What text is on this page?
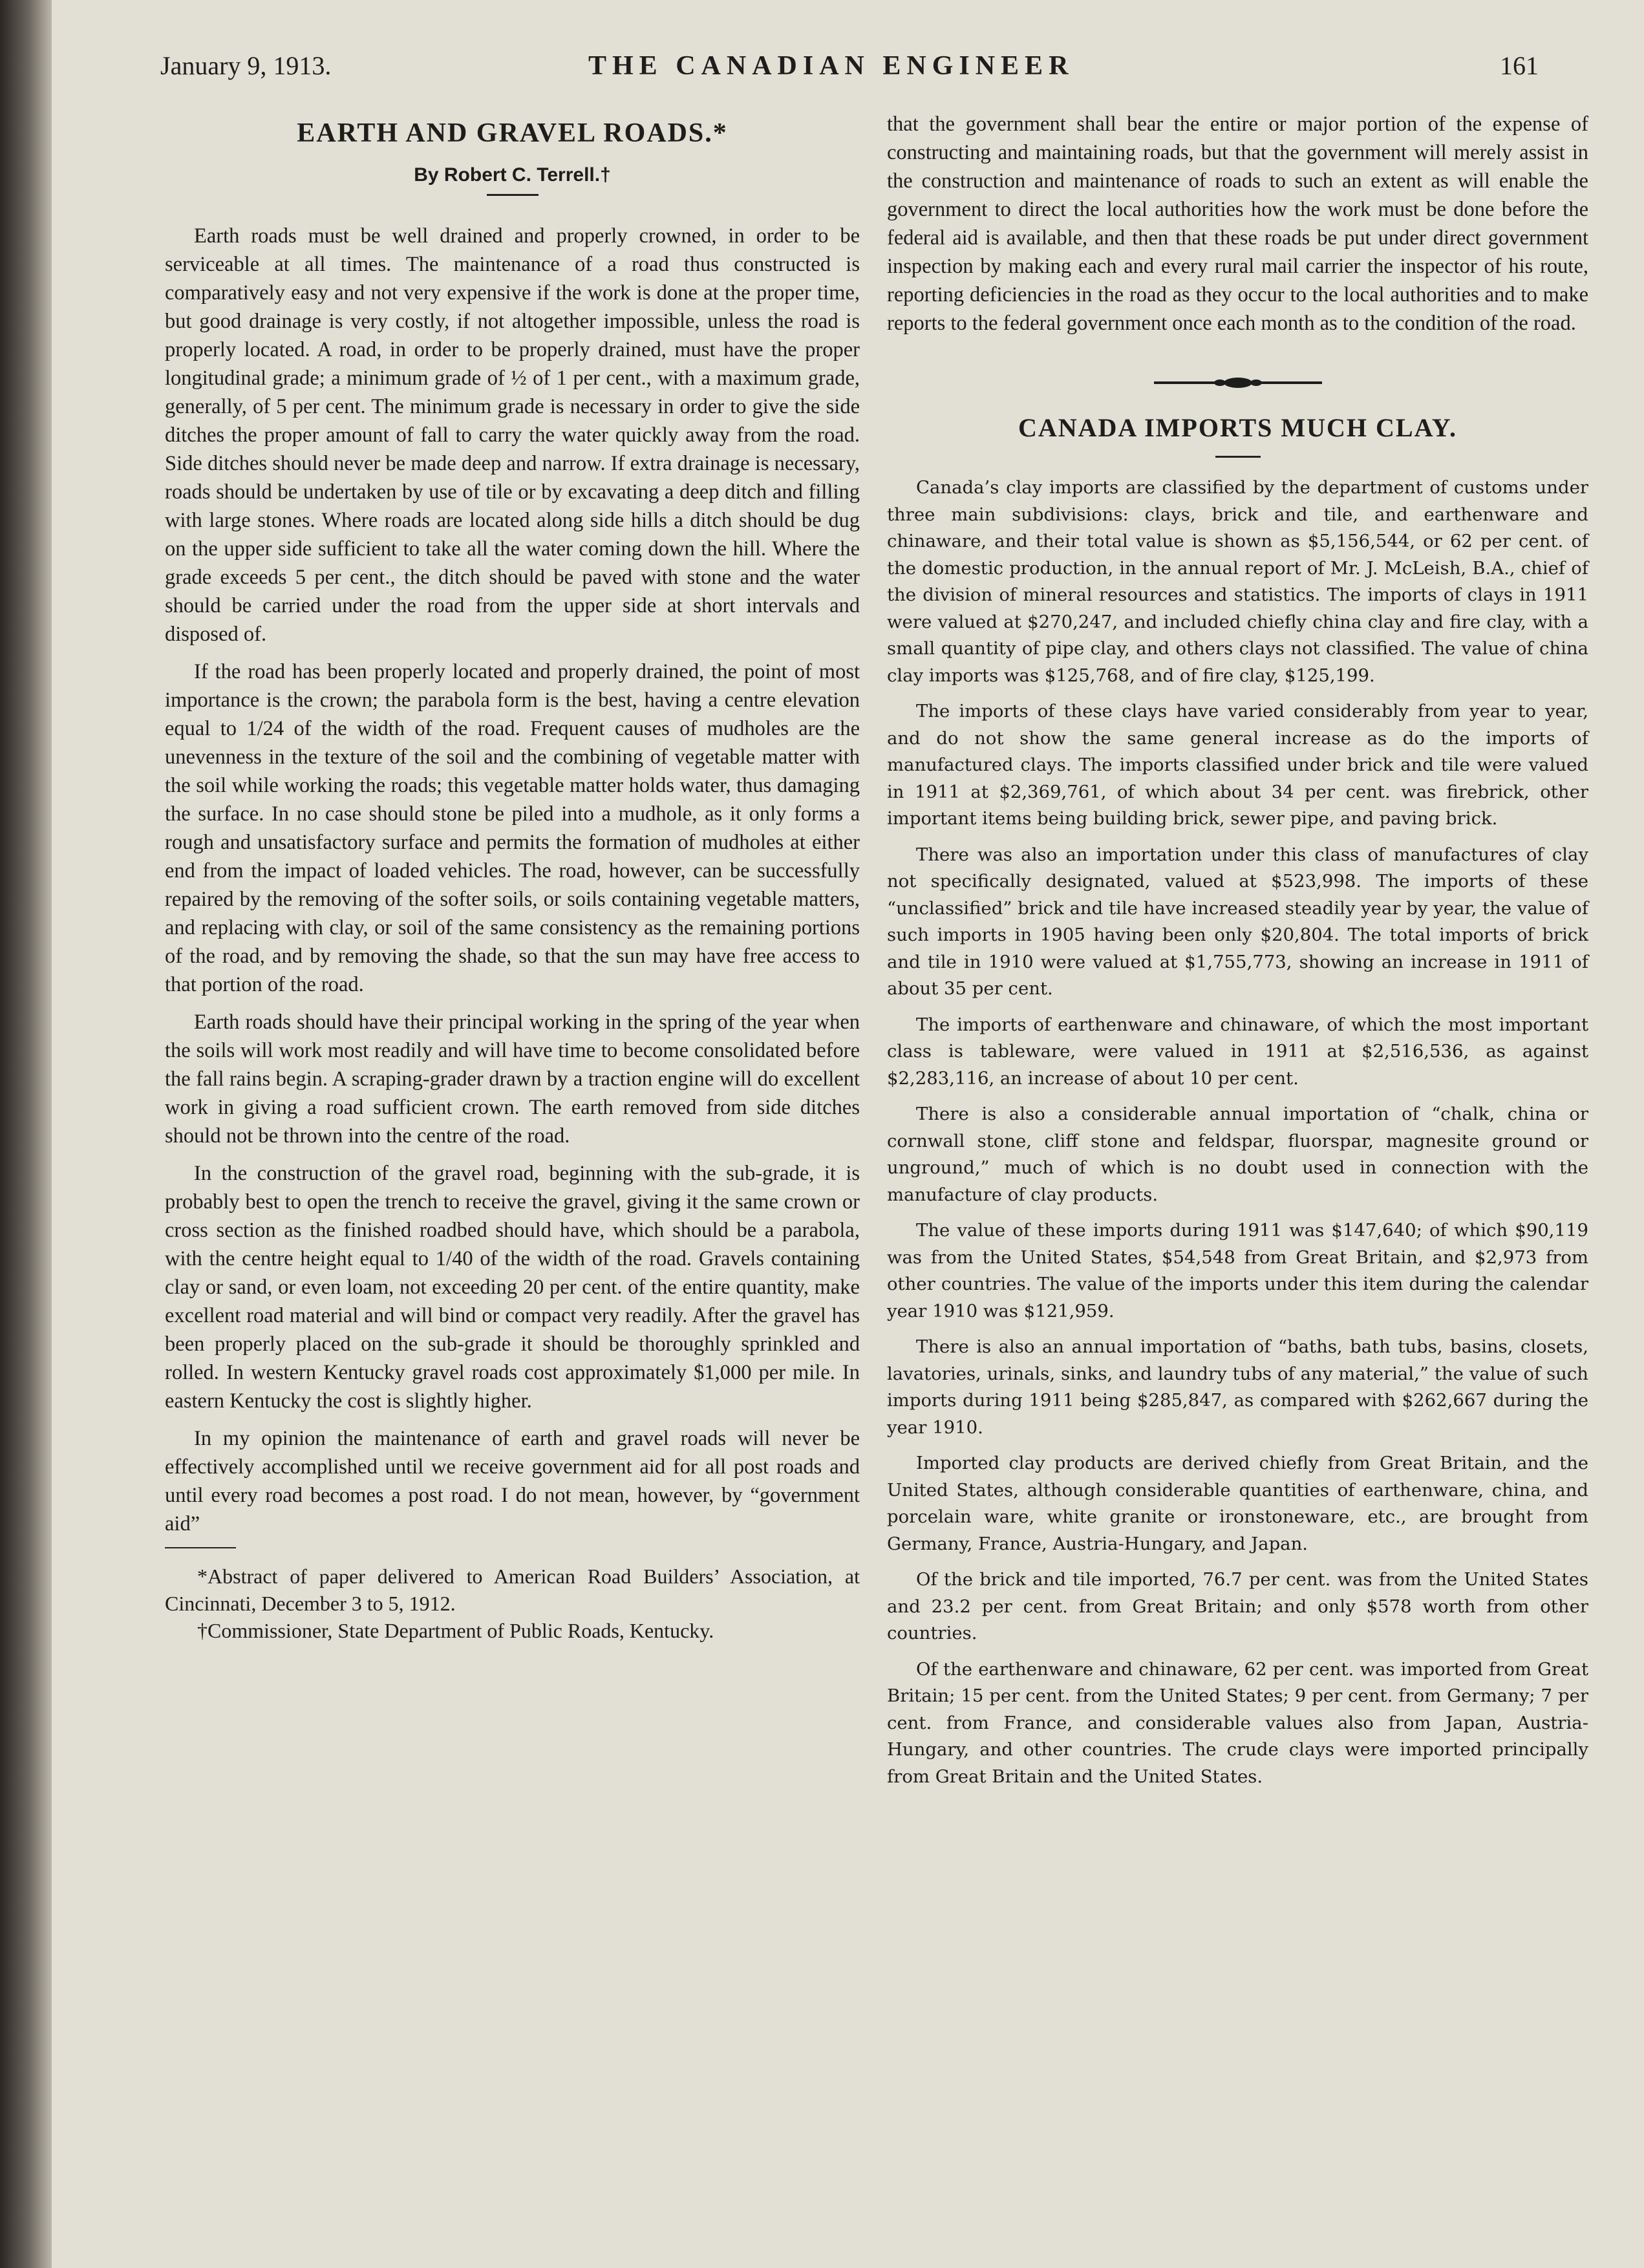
January 9, 1913.	THE CANADIAN ENGINEER	161
EARTH AND GRAVEL ROADS.*
By Robert C. Terrell.†

Earth roads must be well drained and properly crowned, in order to be serviceable at all times. The maintenance of a road thus constructed is comparatively easy and not very expensive if the work is done at the proper time, but good drainage is very costly, if not altogether impossible, unless the road is properly located. A road, in order to be properly drained, must have the proper longitudinal grade; a minimum grade of ½ of 1 per cent., with a maximum grade, generally, of 5 per cent. The minimum grade is necessary in order to give the side ditches the proper amount of fall to carry the water quickly away from the road. Side ditches should never be made deep and narrow. If extra drainage is necessary, roads should be undertaken by use of tile or by excavating a deep ditch and filling with large stones. Where roads are located along side hills a ditch should be dug on the upper side sufficient to take all the water coming down the hill. Where the grade exceeds 5 per cent., the ditch should be paved with stone and the water should be carried under the road from the upper side at short intervals and disposed of.

If the road has been properly located and properly drained, the point of most importance is the crown; the parabola form is the best, having a centre elevation equal to 1/24 of the width of the road. Frequent causes of mudholes are the unevenness in the texture of the soil and the combining of vegetable matter with the soil while working the roads; this vegetable matter holds water, thus damaging the surface. In no case should stone be piled into a mudhole, as it only forms a rough and unsatisfactory surface and permits the formation of mudholes at either end from the impact of loaded vehicles. The road, however, can be successfully repaired by the removing of the softer soils, or soils containing vegetable matters, and replacing with clay, or soil of the same consistency as the remaining portions of the road, and by removing the shade, so that the sun may have free access to that portion of the road.

Earth roads should have their principal working in the spring of the year when the soils will work most readily and will have time to become consolidated before the fall rains begin. A scraping-grader drawn by a traction engine will do excellent work in giving a road sufficient crown. The earth removed from side ditches should not be thrown into the centre of the road.

In the construction of the gravel road, beginning with the sub-grade, it is probably best to open the trench to receive the gravel, giving it the same crown or cross section as the finished roadbed should have, which should be a parabola, with the centre height equal to 1/40 of the width of the road. Gravels containing clay or sand, or even loam, not exceeding 20 per cent. of the entire quantity, make excellent road material and will bind or compact very readily. After the gravel has been properly placed on the sub-grade it should be thoroughly sprinkled and rolled. In western Kentucky gravel roads cost approximately $1,000 per mile. In eastern Kentucky the cost is slightly higher.

In my opinion the maintenance of earth and gravel roads will never be effectively accomplished until we receive government aid for all post roads and until every road becomes a post road. I do not mean, however, by “government aid”

*Abstract of paper delivered to American Road Builders’ Association, at Cincinnati, December 3 to 5, 1912.

†Commissioner, State Department of Public Roads, Kentucky.

that the government shall bear the entire or major portion of the expense of constructing and maintaining roads, but that the government will merely assist in the construction and maintenance of roads to such an extent as will enable the government to direct the local authorities how the work must be done before the federal aid is available, and then that these roads be put under direct government inspection by making each and every rural mail carrier the inspector of his route, reporting deficiencies in the road as they occur to the local authorities and to make reports to the federal government once each month as to the condition of the road.

CANADA IMPORTS MUCH CLAY.

Canada’s clay imports are classified by the department of customs under three main subdivisions: clays, brick and tile, and earthenware and chinaware, and their total value is shown as $5,156,544, or 62 per cent. of the domestic production, in the annual report of Mr. J. McLeish, B.A., chief of the division of mineral resources and statistics. The imports of clays in 1911 were valued at $270,247, and included chiefly china clay and fire clay, with a small quantity of pipe clay, and others clays not classified. The value of china clay imports was $125,768, and of fire clay, $125,199.

The imports of these clays have varied considerably from year to year, and do not show the same general increase as do the imports of manufactured clays. The imports classified under brick and tile were valued in 1911 at $2,369,761, of which about 34 per cent. was firebrick, other important items being building brick, sewer pipe, and paving brick.

There was also an importation under this class of manufactures of clay not specifically designated, valued at $523,998. The imports of these “unclassified” brick and tile have increased steadily year by year, the value of such imports in 1905 having been only $20,804. The total imports of brick and tile in 1910 were valued at $1,755,773, showing an increase in 1911 of about 35 per cent.

The imports of earthenware and chinaware, of which the most important class is tableware, were valued in 1911 at $2,516,536, as against $2,283,116, an increase of about 10 per cent.

There is also a considerable annual importation of “chalk, china or cornwall stone, cliff stone and feldspar, fluorspar, magnesite ground or unground,” much of which is no doubt used in connection with the manufacture of clay products.

The value of these imports during 1911 was $147,640; of which $90,119 was from the United States, $54,548 from Great Britain, and $2,973 from other countries. The value of the imports under this item during the calendar year 1910 was $121,959.

There is also an annual importation of “baths, bath tubs, basins, closets, lavatories, urinals, sinks, and laundry tubs of any material,” the value of such imports during 1911 being $285,847, as compared with $262,667 during the year 1910.

Imported clay products are derived chiefly from Great Britain, and the United States, although considerable quantities of earthenware, china, and porcelain ware, white granite or ironstoneware, etc., are brought from Germany, France, Austria-Hungary, and Japan.

Of the brick and tile imported, 76.7 per cent. was from the United States and 23.2 per cent. from Great Britain; and only $578 worth from other countries.

Of the earthenware and chinaware, 62 per cent. was imported from Great Britain; 15 per cent. from the United States; 9 per cent. from Germany; 7 per cent. from France, and considerable values also from Japan, Austria-Hungary, and other countries. The crude clays were imported principally from Great Britain and the United States.
